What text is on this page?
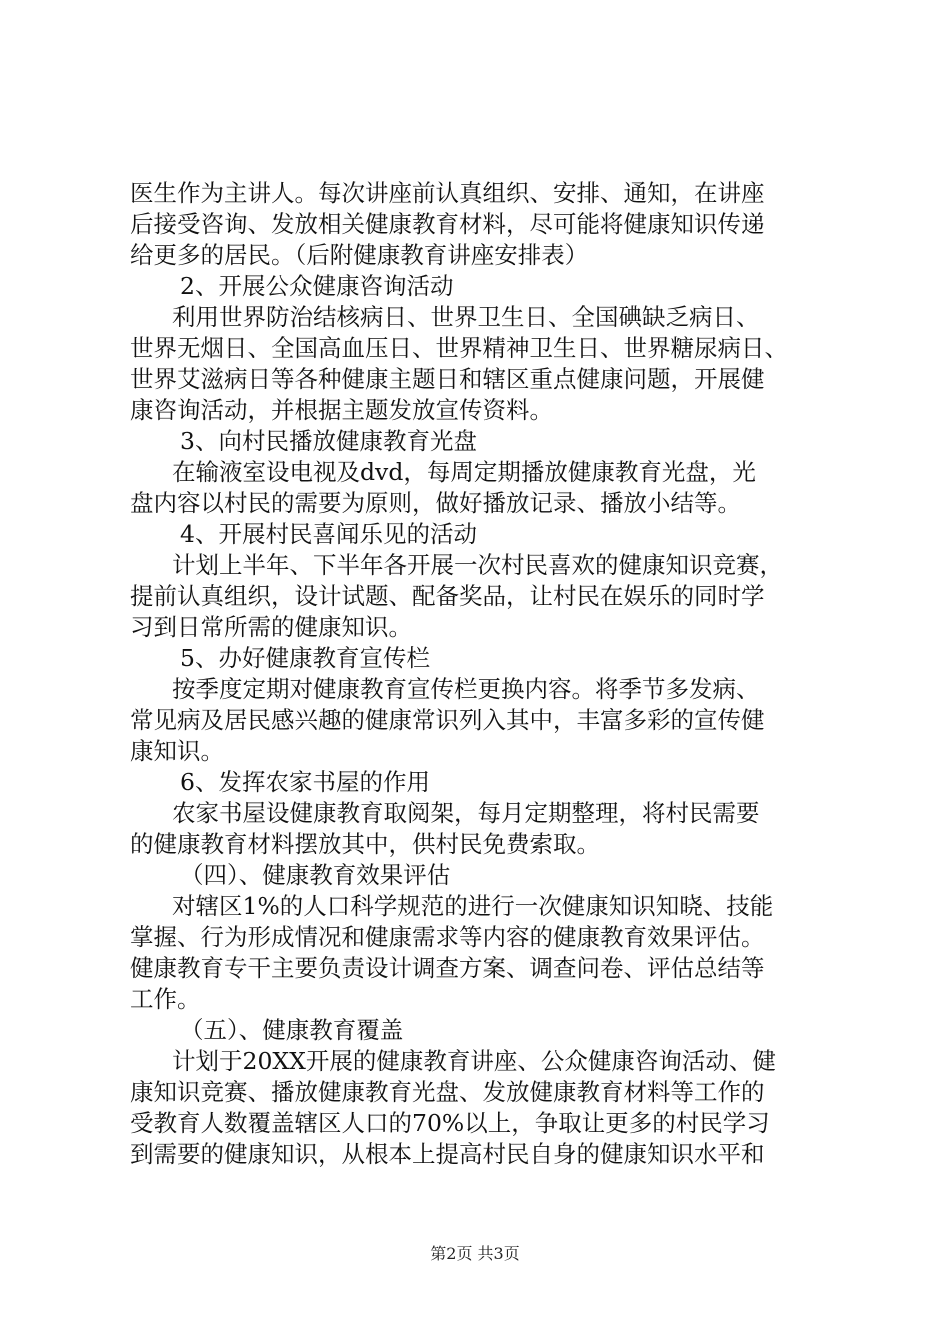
医生作为主讲人。每次讲座前认真组织、安排、通知，在讲座
后接受咨询、发放相关健康教育材料，尽可能将健康知识传递
给更多的居民。（后附健康教育讲座安排表）
2、开展公众健康咨询活动
利用世界防治结核病日、世界卫生日、全国碘缺乏病日、
世界无烟日、全国高血压日、世界精神卫生日、世界糖尿病日、
世界艾滋病日等各种健康主题日和辖区重点健康问题，开展健
康咨询活动，并根据主题发放宣传资料。
3、向村民播放健康教育光盘
在输液室设电视及dvd，每周定期播放健康教育光盘，光
盘内容以村民的需要为原则，做好播放记录、播放小结等。
4、开展村民喜闻乐见的活动
计划上半年、下半年各开展一次村民喜欢的健康知识竞赛，
提前认真组织，设计试题、配备奖品，让村民在娱乐的同时学
习到日常所需的健康知识。
5、办好健康教育宣传栏
按季度定期对健康教育宣传栏更换内容。将季节多发病、
常见病及居民感兴趣的健康常识列入其中，丰富多彩的宣传健
康知识。
6、发挥农家书屋的作用
农家书屋设健康教育取阅架，每月定期整理，将村民需要
的健康教育材料摆放其中，供村民免费索取。
（四）、健康教育效果评估
对辖区1%的人口科学规范的进行一次健康知识知晓、技能
掌握、行为形成情况和健康需求等内容的健康教育效果评估。
健康教育专干主要负责设计调查方案、调查问卷、评估总结等
工作。
（五）、健康教育覆盖
计划于20XX开展的健康教育讲座、公众健康咨询活动、健
康知识竞赛、播放健康教育光盘、发放健康教育材料等工作的
受教育人数覆盖辖区人口的70%以上，争取让更多的村民学习
到需要的健康知识，从根本上提高村民自身的健康知识水平和
第2页 共3页
